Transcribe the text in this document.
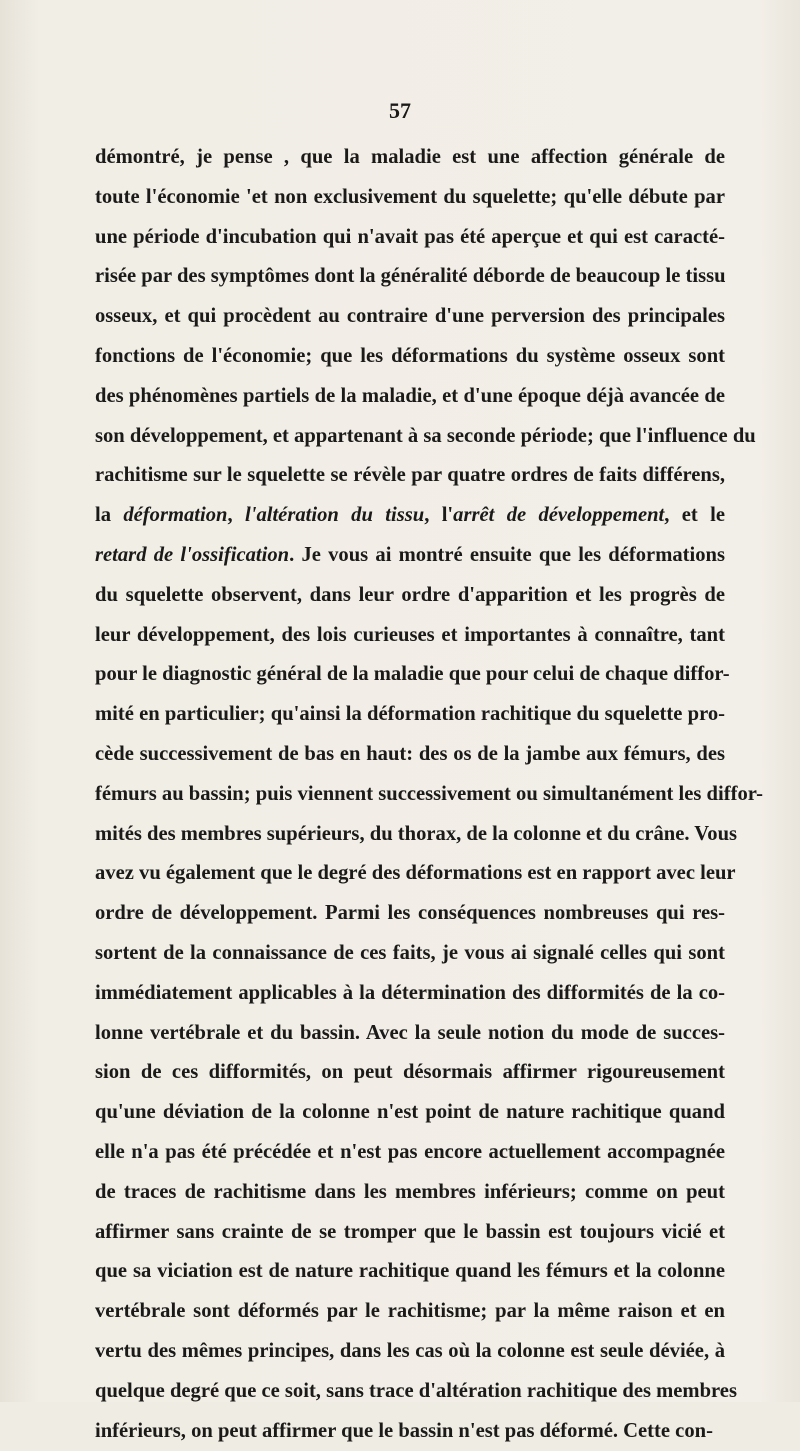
57
démontré, je pense , que la maladie est une affection générale de
toute l'économie 'et non exclusivement du squelette; qu'elle débute par
une période d'incubation qui n'avait pas été aperçue et qui est caracté-
risée par des symptômes dont la généralité déborde de beaucoup le tissu
osseux, et qui procèdent au contraire d'une perversion des principales
fonctions de l'économie; que les déformations du système osseux sont
des phénomènes partiels de la maladie, et d'une époque déjà avancée de
son développement, et appartenant à sa seconde période; que l'influence du
rachitisme sur le squelette se révèle par quatre ordres de faits différens,
la déformation, l'altération du tissu, l'arrêt de développement, et le
retard de l'ossification. Je vous ai montré ensuite que les déformations
du squelette observent, dans leur ordre d'apparition et les progrès de
leur développement, des lois curieuses et importantes à connaître, tant
pour le diagnostic général de la maladie que pour celui de chaque diffor-
mité en particulier; qu'ainsi la déformation rachitique du squelette pro-
cède successivement de bas en haut: des os de la jambe aux fémurs, des
fémurs au bassin; puis viennent successivement ou simultanément les diffor-
mités des membres supérieurs, du thorax, de la colonne et du crâne. Vous
avez vu également que le degré des déformations est en rapport avec leur
ordre de développement. Parmi les conséquences nombreuses qui res-
sortent de la connaissance de ces faits, je vous ai signalé celles qui sont
immédiatement applicables à la détermination des difformités de la co-
lonne vertébrale et du bassin. Avec la seule notion du mode de succes-
sion de ces difformités, on peut désormais affirmer rigoureusement
qu'une déviation de la colonne n'est point de nature rachitique quand
elle n'a pas été précédée et n'est pas encore actuellement accompagnée
de traces de rachitisme dans les membres inférieurs; comme on peut
affirmer sans crainte de se tromper que le bassin est toujours vicié et
que sa viciation est de nature rachitique quand les fémurs et la colonne
vertébrale sont déformés par le rachitisme; par la même raison et en
vertu des mêmes principes, dans les cas où la colonne est seule déviée, à
quelque degré que ce soit, sans trace d'altération rachitique des membres
inférieurs, on peut affirmer que le bassin n'est pas déformé. Cette con-
